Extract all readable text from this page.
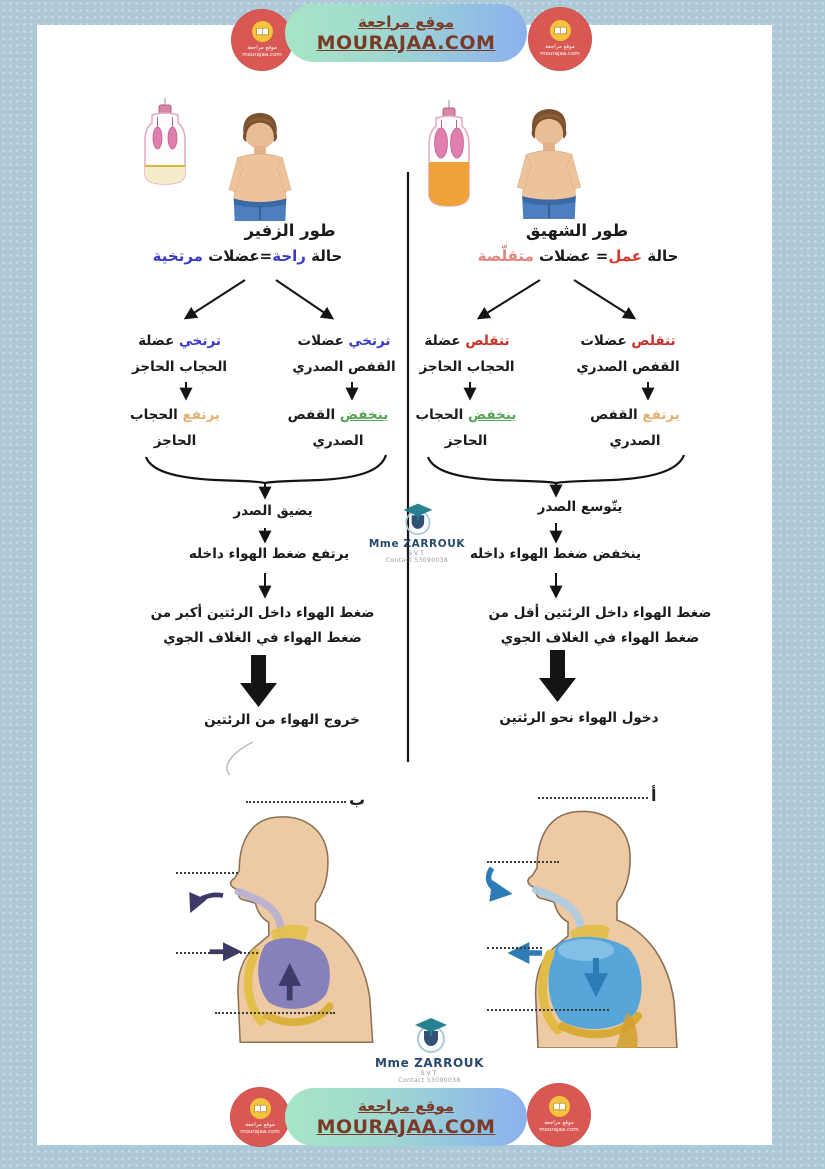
موقع مراجعة
mourajaa.com
موقع مراجعة
MOURAJAA.COM	موقع مراجعة
mourajaa.com
طور الزفير
حالة راحة=عضلات مرتخية
طور الشهيق
حالة عمل= عضلات متقلّصة
ترتخي عضلات
القفص الصدري
ترتخي عضلة
الحجاب الحاجز
ينخفض القفص
الصدري
يرتفع الحجاب
الحاجز
تتقلص عضلات
القفص الصدري
تتقلص عضلة
الحجاب الحاجز
يرتفع القفص
الصدري
ينخفض الحجاب
الحاجز
يضيق الصدر
يرتفع ضغط الهواء داخله
ضغط الهواء داخل الرئتين أكبر من
ضغط الهواء في الغلاف الجوي
خروج الهواء من الرئتين
يتّوسع الصدر
ينخفض ضغط الهواء داخله
ضغط الهواء داخل الرئتين أقل من
ضغط الهواء في الغلاف الجوي
دخول الهواء نحو الرئتين
Mme ZARROUK
SVT
Contact 53090038
Mme ZARROUK
SVT
Contact 53090038
أ
ب
موقع مراجعة
mourajaa.com
موقع مراجعة
MOURAJAA.COM	موقع مراجعة
mourajaa.com
